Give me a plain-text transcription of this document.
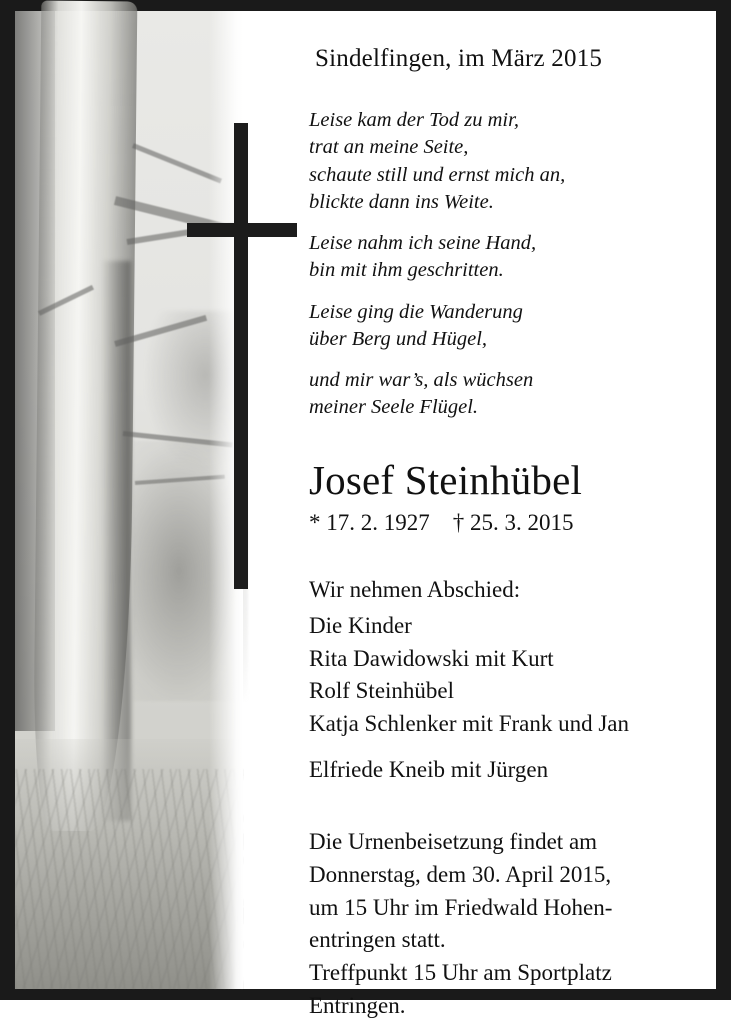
Sindelfingen, im März 2015

Leise kam der Tod zu mir,
trat an meine Seite,
schaute still und ernst mich an,
blickte dann ins Weite.

Leise nahm ich seine Hand,
bin mit ihm geschritten.

Leise ging die Wanderung
über Berg und Hügel,

und mir war’s, als wüchsen
meiner Seele Flügel.

Josef Steinhübel
* 17. 2. 1927    † 25. 3. 2015
Wir nehmen Abschied:
Die Kinder
Rita Dawidowski mit Kurt
Rolf Steinhübel
Katja Schlenker mit Frank und Jan
Elfriede Kneib mit Jürgen
Die Urnenbeisetzung findet am
Donnerstag, dem 30. April 2015,
um 15 Uhr im Friedwald Hohen-
entringen statt.
Treffpunkt 15 Uhr am Sportplatz
Entringen.
